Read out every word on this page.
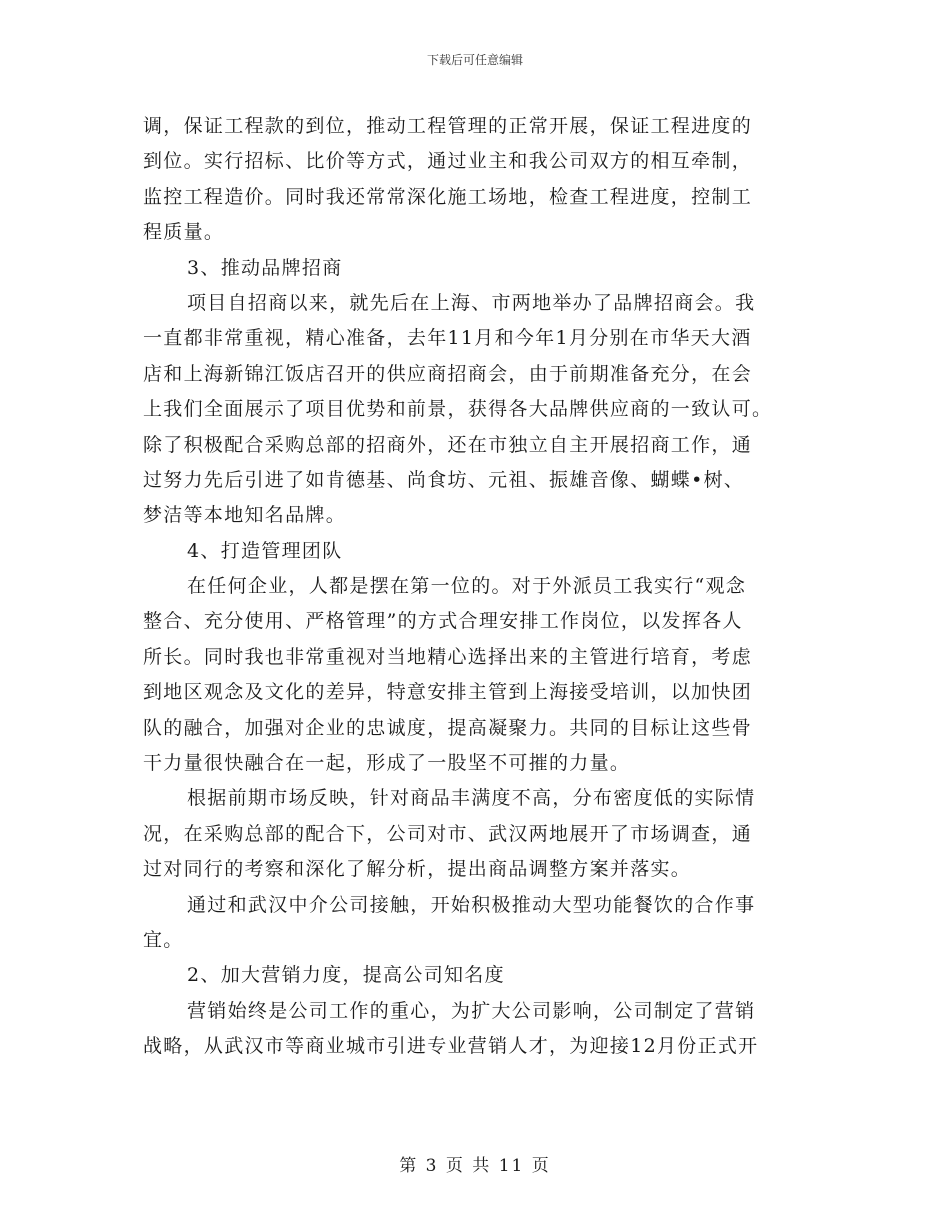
下载后可任意编辑
调，保证工程款的到位，推动工程管理的正常开展，保证工程进度的
到位。实行招标、比价等方式，通过业主和我公司双方的相互牵制，
监控工程造价。同时我还常常深化施工场地，检查工程进度，控制工
程质量。
3、推动品牌招商
项目自招商以来，就先后在上海、市两地举办了品牌招商会。我
一直都非常重视，精心准备，去年11月和今年1月分别在市华天大酒
店和上海新锦江饭店召开的供应商招商会，由于前期准备充分，在会
上我们全面展示了项目优势和前景，获得各大品牌供应商的一致认可。
除了积极配合采购总部的招商外，还在市独立自主开展招商工作，通
过努力先后引进了如肯德基、尚食坊、元祖、振雄音像、蝴蝶•树、
梦洁等本地知名品牌。
4、打造管理团队
在任何企业，人都是摆在第一位的。对于外派员工我实行“观念
整合、充分使用、严格管理”的方式合理安排工作岗位，以发挥各人
所长。同时我也非常重视对当地精心选择出来的主管进行培育，考虑
到地区观念及文化的差异，特意安排主管到上海接受培训，以加快团
队的融合，加强对企业的忠诚度，提高凝聚力。共同的目标让这些骨
干力量很快融合在一起，形成了一股坚不可摧的力量。
根据前期市场反映，针对商品丰满度不高，分布密度低的实际情
况，在采购总部的配合下，公司对市、武汉两地展开了市场调查，通
过对同行的考察和深化了解分析，提出商品调整方案并落实。
通过和武汉中介公司接触，开始积极推动大型功能餐饮的合作事
宜。
2、加大营销力度，提高公司知名度
营销始终是公司工作的重心，为扩大公司影响，公司制定了营销
战略，从武汉市等商业城市引进专业营销人才，为迎接12月份正式开
第 3 页 共 11 页
